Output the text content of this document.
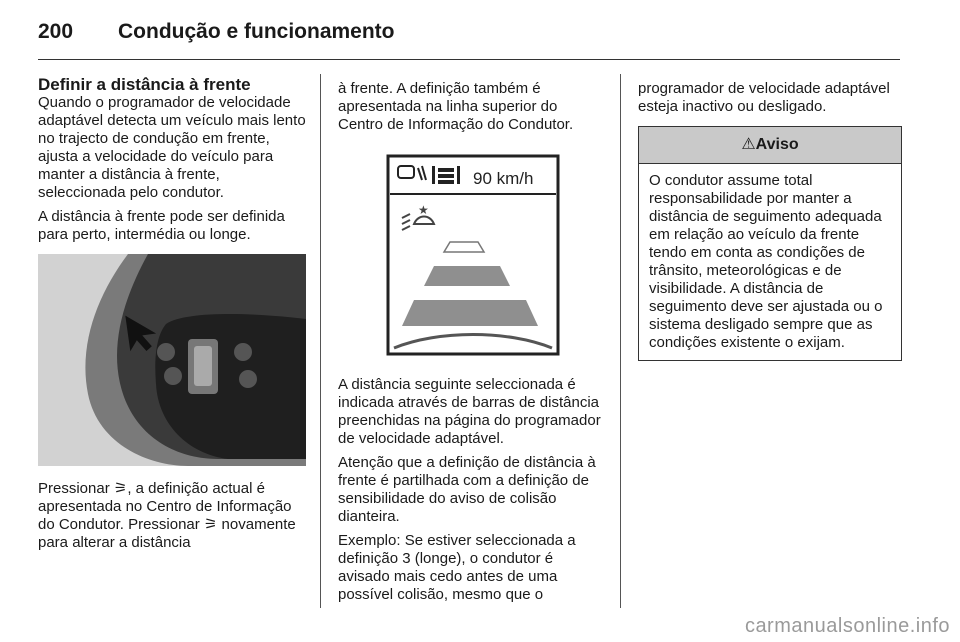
200 Condução e funcionamento
Definir a distância à frente

Quando o programador de velocidade adaptável detecta um veículo mais lento no trajecto de condução em frente, ajusta a velocidade do veículo para manter a distância à frente, seleccionada pelo condutor.

A distância à frente pode ser definida para perto, intermédia ou longe.

Pressionar ⚞, a definição actual é apresentada no Centro de Informação do Condutor. Pressionar ⚞ novamente para alterar a distância

à frente. A definição também é apresentada na linha superior do Centro de Informação do Condutor.

90 km/h
★

A distância seguinte seleccionada é indicada através de barras de distância preenchidas na página do programador de velocidade adaptável.

Atenção que a definição de distância à frente é partilhada com a definição de sensibilidade do aviso de colisão dianteira.

Exemplo: Se estiver seleccionada a definição 3 (longe), o condutor é avisado mais cedo antes de uma possível colisão, mesmo que o

programador de velocidade adaptável esteja inactivo ou desligado.

⚠Aviso

O condutor assume total responsabilidade por manter a distância de seguimento adequada em relação ao veículo da frente tendo em conta as condições de trânsito, meteorológicas e de visibilidade. A distância de seguimento deve ser ajustada ou o sistema desligado sempre que as condições existente o exijam.

carmanualsonline.info
